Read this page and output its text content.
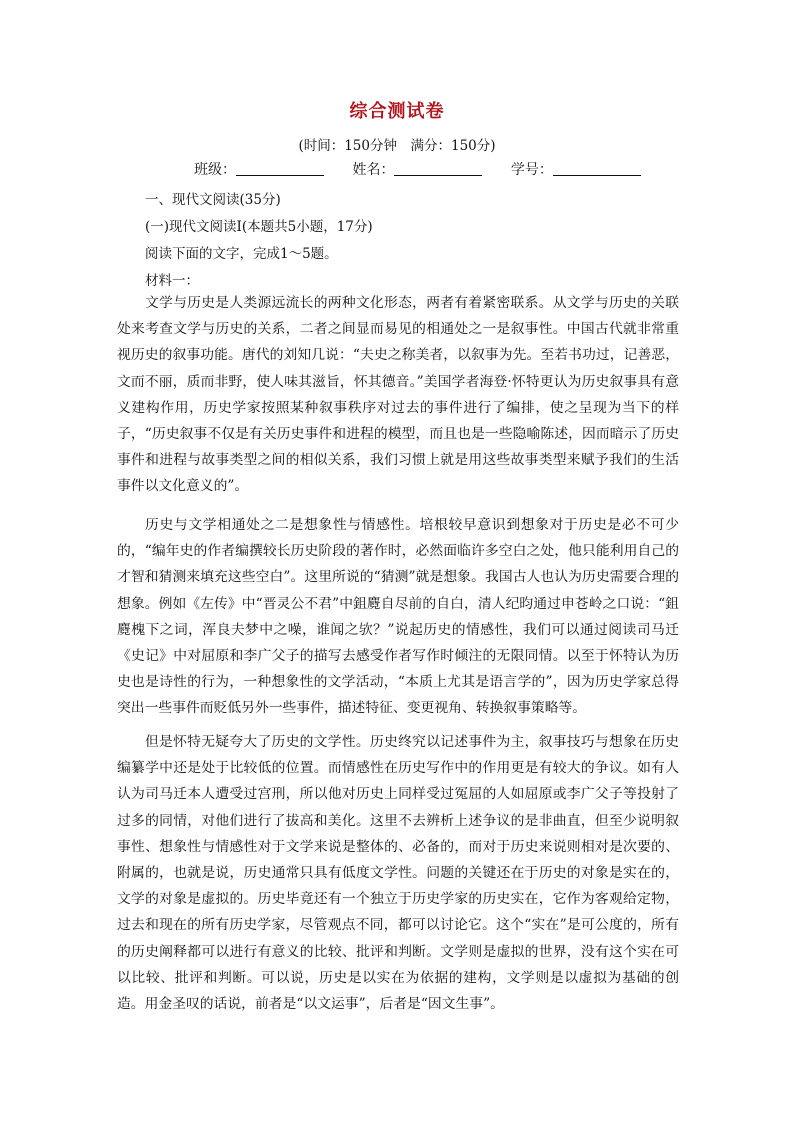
综合测试卷
(时间：150分钟　满分：150分)
班级：	姓名：	学号：
一、现代文阅读(35分)
(一)现代文阅读Ⅰ(本题共5小题，17分)
阅读下面的文字，完成1～5题。
材料一：
文学与历史是人类源远流长的两种文化形态，两者有着紧密联系。从文学与历史的关联处来考查文学与历史的关系，二者之间显而易见的相通处之一是叙事性。中国古代就非常重视历史的叙事功能。唐代的刘知几说：“夫史之称美者，以叙事为先。至若书功过，记善恶，文而不丽，质而非野，使人味其滋旨，怀其德音。”美国学者海登·怀特更认为历史叙事具有意义建构作用，历史学家按照某种叙事秩序对过去的事件进行了编排，使之呈现为当下的样子，“历史叙事不仅是有关历史事件和进程的模型，而且也是一些隐喻陈述，因而暗示了历史事件和进程与故事类型之间的相似关系，我们习惯上就是用这些故事类型来赋予我们的生活事件以文化意义的”。
历史与文学相通处之二是想象性与情感性。培根较早意识到想象对于历史是必不可少的，“编年史的作者编撰较长历史阶段的著作时，必然面临许多空白之处，他只能利用自己的才智和猜测来填充这些空白”。这里所说的“猜测”就是想象。我国古人也认为历史需要合理的想象。例如《左传》中“晋灵公不君”中鉏麑自尽前的自白，清人纪昀通过申苍岭之口说：“鉏麑槐下之词，浑良夫梦中之噪，谁闻之欤？”说起历史的情感性，我们可以通过阅读司马迁《史记》中对屈原和李广父子的描写去感受作者写作时倾注的无限同情。以至于怀特认为历史也是诗性的行为，一种想象性的文学活动，“本质上尤其是语言学的”，因为历史学家总得突出一些事件而贬低另外一些事件，描述特征、变更视角、转换叙事策略等。
但是怀特无疑夸大了历史的文学性。历史终究以记述事件为主，叙事技巧与想象在历史编纂学中还是处于比较低的位置。而情感性在历史写作中的作用更是有较大的争议。如有人认为司马迁本人遭受过宫刑，所以他对历史上同样受过冤屈的人如屈原或李广父子等投射了过多的同情，对他们进行了拔高和美化。这里不去辨析上述争议的是非曲直，但至少说明叙事性、想象性与情感性对于文学来说是整体的、必备的，而对于历史来说则相对是次要的、附属的，也就是说，历史通常只具有低度文学性。问题的关键还在于历史的对象是实在的，文学的对象是虚拟的。历史毕竟还有一个独立于历史学家的历史实在，它作为客观给定物，过去和现在的所有历史学家，尽管观点不同，都可以讨论它。这个“实在”是可公度的，所有的历史阐释都可以进行有意义的比较、批评和判断。文学则是虚拟的世界，没有这个实在可以比较、批评和判断。可以说，历史是以实在为依据的建构，文学则是以虚拟为基础的创造。用金圣叹的话说，前者是“以文运事”，后者是“因文生事”。
